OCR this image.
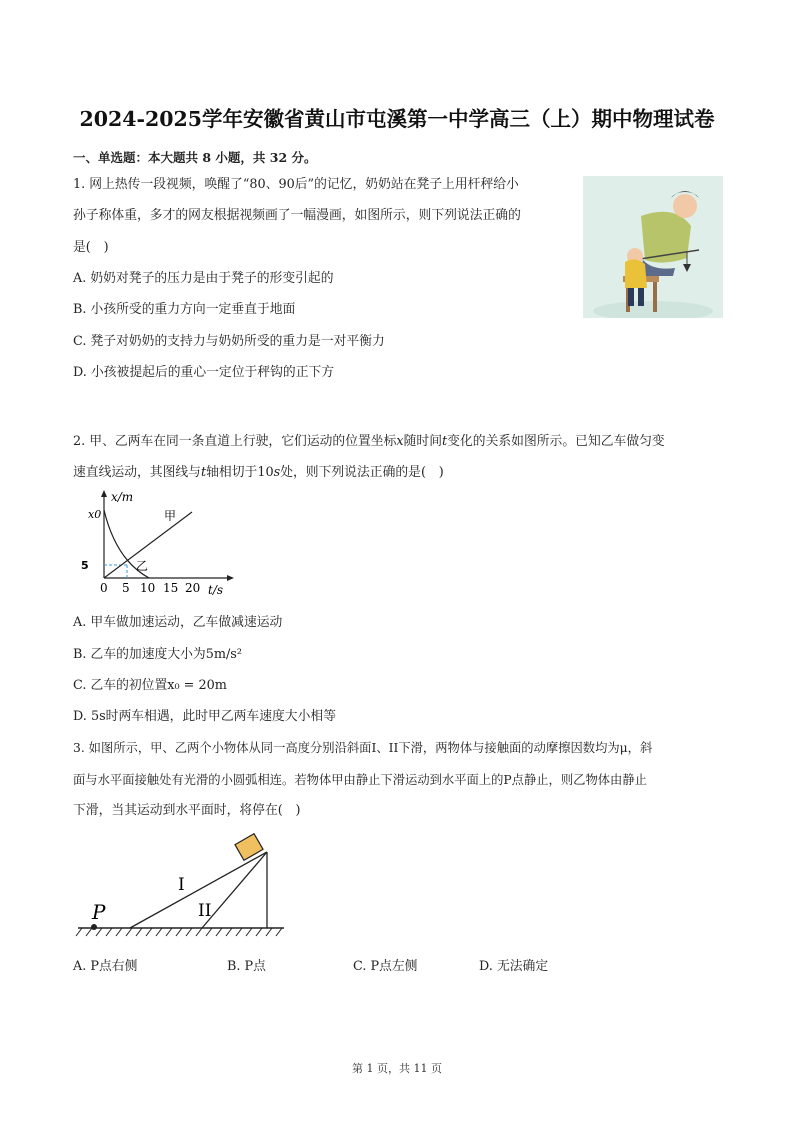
2024-2025学年安徽省黄山市屯溪第一中学高三（上）期中物理试卷
一、单选题：本大题共 8 小题，共 32 分。
1. 网上热传一段视频，唤醒了“80、90后”的记忆，奶奶站在凳子上用杆秤给小
孙子称体重，多才的网友根据视频画了一幅漫画，如图所示，则下列说法正确的
是(　)
A. 奶奶对凳子的压力是由于凳子的形变引起的
B. 小孩所受的重力方向一定垂直于地面
C. 凳子对奶奶的支持力与奶奶所受的重力是一对平衡力
D. 小孩被提起后的重心一定位于秤钩的正下方
2. 甲、乙两车在同一条直道上行驶，它们运动的位置坐标x随时间t变化的关系如图所示。已知乙车做匀变
速直线运动，其图线与t轴相切于10s处，则下列说法正确的是(　)
x/m
t/s
x0
5
0 5 10 15 20
甲
乙
A. 甲车做加速运动，乙车做减速运动
B. 乙车的加速度大小为5m/s²
C. 乙车的初位置x₀ = 20m
D. 5s时两车相遇，此时甲乙两车速度大小相等
3. 如图所示，甲、乙两个小物体从同一高度分别沿斜面I、II下滑，两物体与接触面的动摩擦因数均为μ，斜
面与水平面接触处有光滑的小圆弧相连。若物体甲由静止下滑运动到水平面上的P点静止，则乙物体由静止
下滑，当其运动到水平面时，将停在(　)
P
I
II
A. P点右侧	B. P点	C. P点左侧	D. 无法确定
第 1 页，共 11 页
